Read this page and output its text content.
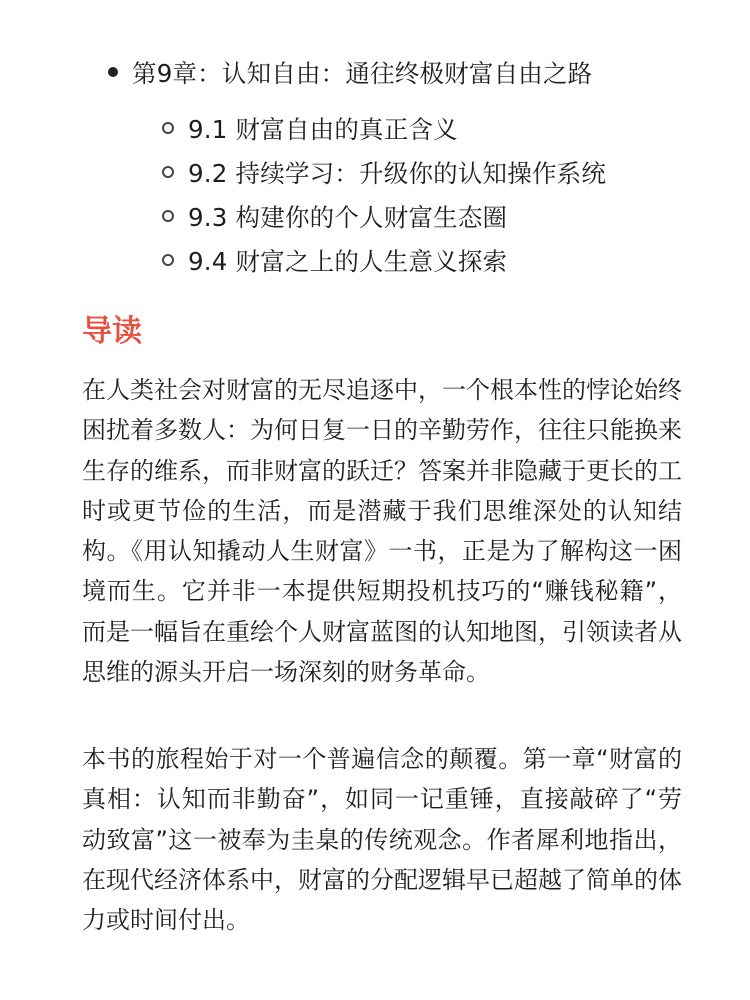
第9章：认知自由：通往终极财富自由之路
9.1 财富自由的真正含义
9.2 持续学习：升级你的认知操作系统
9.3 构建你的个人财富生态圈
9.4 财富之上的人生意义探索
导读

在人类社会对财富的无尽追逐中，一个根本性的悖论始终困扰着多数人：为何日复一日的辛勤劳作，往往只能换来生存的维系，而非财富的跃迁？答案并非隐藏于更长的工时或更节俭的生活，而是潜藏于我们思维深处的认知结构。《用认知撬动人生财富》一书，正是为了解构这一困境而生。它并非一本提供短期投机技巧的“赚钱秘籍”，而是一幅旨在重绘个人财富蓝图的认知地图，引领读者从思维的源头开启一场深刻的财务革命。

本书的旅程始于对一个普遍信念的颠覆。第一章“财富的真相：认知而非勤奋”，如同一记重锤，直接敲碎了“劳动致富”这一被奉为圭臬的传统观念。作者犀利地指出，在现代经济体系中，财富的分配逻辑早已超越了简单的体力或时间付出。
